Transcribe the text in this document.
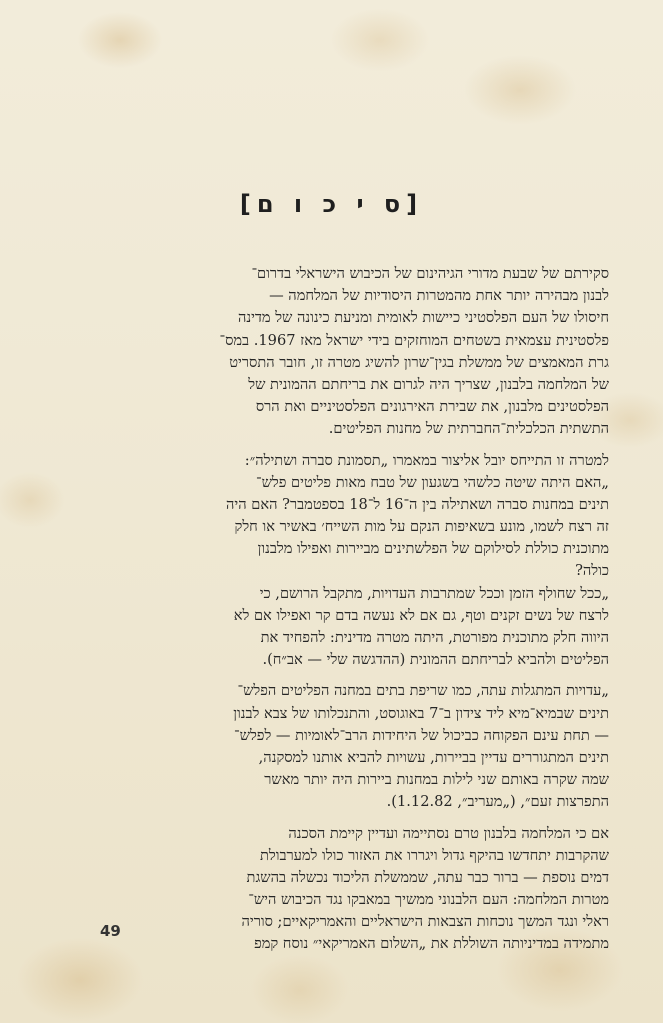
[ס י כ ו ם]
סקירתם של שבעת מדורי הגיהינום של הכיבוש הישראלי בדרום־
לבנון מבהירה יותר אחת מהמטרות היסודיות של המלחמה —
חיסולו של העם הפלסטיני כיישות לאומית ומניעת כינונה של מדינה
פלסטינית עצמאית בשטחים המוחזקים בידי ישראל מאז 1967. במס־
גרת המאמצים של ממשלת בגין־שרון להשיג מטרה זו, חובר התסריט
של המלחמה בלבנון, שצריך היה לגרום את בריחתם ההמונית של
הפלסטינים מלבנון, את שבירת האירגונים הפלסטיניים ואת הרס
התשתית הכלכלית־החברתית של מחנות הפליטים.
למטרה זו התייחס יובל אליצור במאמרו „תסמונת סברה ושתילה״:
„האם היתה שיטה כלשהי בשגעון של טבח מאות פליטים פלש־
תינים במחנות סברה ושאתילה בין ה־16 ל־18 בספטמבר? האם היה
זה רצח לשמו, מונע בשאיפות הנקם על מות השייח׳ באשיר או חלק
מתוכנית כוללת לסילוקם של הפלשתינים מביירות ואפילו מלבנון
כולה?
„ככל שחולף הזמן וככל שמתרבות העדויות, מתקבל הרושם, כי
לרצח של נשים זקנים וטף, גם אם לא נעשה בדם קר ואפילו אם לא
היווה חלק מתוכנית מפורטת, היתה מטרה מדינית: להפחיד את
הפליטים ולהביא לבריחתם ההמונית (ההדגשה שלי — אב״ח).
„עדויות המתגלות עתה, כמו שריפת בתים במחנה הפליטים הפלש־
תינים שבמיא־מיא ליד צידון ב־7 באוגוסט, והתנכלותו של צבא לבנון
— תחת עינם הפקוחה כביכול של היחידות הרב־לאומיות — לפלש־
תינים המתגוררים עדיין בביירות, עשויות להביא אותנו למסקנה,
שמה שקרה באותם שני לילות במחנות ביירות היה יותר מאשר
התפרצות זעם״, („מעריב״, 1.12.82).
אם כי המלחמה בלבנון טרם נסתיימה ועדיין קיימת הסכנה
שהקרבות יתחדשו בהיקף גדול ויגררו את האזור כולו למערבולת
דמים נוספת — ברור כבר עתה, שממשלת הליכוד נכשלה בהשגת
מטרות המלחמה: העם הלבנוני ממשיך במאבקו נגד הכיבוש היש־
ראלי ונגד המשך נוכחות הצבאות הישראליים והאמריקאיים; סוריה
מתמידה במדיניותה השוללת את „השלום האמריקאי״ נוסח קמפ
49
